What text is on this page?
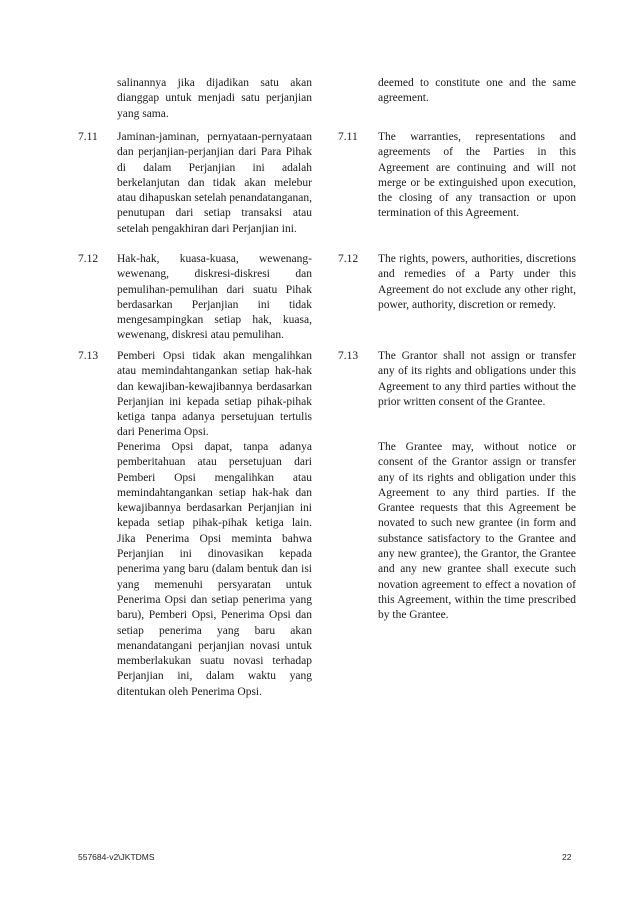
salinannya jika dijadikan satu akan dianggap untuk menjadi satu perjanjian yang sama.

7.11 Jaminan-jaminan, pernyataan-pernyataan dan perjanjian-perjanjian dari Para Pihak di dalam Perjanjian ini adalah berkelanjutan dan tidak akan melebur atau dihapuskan setelah penandatanganan, penutupan dari setiap transaksi atau setelah pengakhiran dari Perjanjian ini.

7.12 Hak-hak, kuasa-kuasa, wewenang-wewenang, diskresi-diskresi dan pemulihan-pemulihan dari suatu Pihak berdasarkan Perjanjian ini tidak mengesampingkan setiap hak, kuasa, wewenang, diskresi atau pemulihan.

7.13 Pemberi Opsi tidak akan mengalihkan atau memindahtangankan setiap hak-hak dan kewajiban-kewajibannya berdasarkan Perjanjian ini kepada setiap pihak-pihak ketiga tanpa adanya persetujuan tertulis dari Penerima Opsi.

Penerima Opsi dapat, tanpa adanya pemberitahuan atau persetujuan dari Pemberi Opsi mengalihkan atau memindahtangankan setiap hak-hak dan kewajibannya berdasarkan Perjanjian ini kepada setiap pihak-pihak ketiga lain. Jika Penerima Opsi meminta bahwa Perjanjian ini dinovasikan kepada penerima yang baru (dalam bentuk dan isi yang memenuhi persyaratan untuk Penerima Opsi dan setiap penerima yang baru), Pemberi Opsi, Penerima Opsi dan setiap penerima yang baru akan menandatangani perjanjian novasi untuk memberlakukan suatu novasi terhadap Perjanjian ini, dalam waktu yang ditentukan oleh Penerima Opsi.

deemed to constitute one and the same agreement.

7.11 The warranties, representations and agreements of the Parties in this Agreement are continuing and will not merge or be extinguished upon execution, the closing of any transaction or upon termination of this Agreement.

7.12 The rights, powers, authorities, discretions and remedies of a Party under this Agreement do not exclude any other right, power, authority, discretion or remedy.

7.13 The Grantor shall not assign or transfer any of its rights and obligations under this Agreement to any third parties without the prior written consent of the Grantee.

The Grantee may, without notice or consent of the Grantor assign or transfer any of its rights and obligation under this Agreement to any third parties. If the Grantee requests that this Agreement be novated to such new grantee (in form and substance satisfactory to the Grantee and any new grantee), the Grantor, the Grantee and any new grantee shall execute such novation agreement to effect a novation of this Agreement, within the time prescribed by the Grantee.

557684-v2\JKTDMS	22
